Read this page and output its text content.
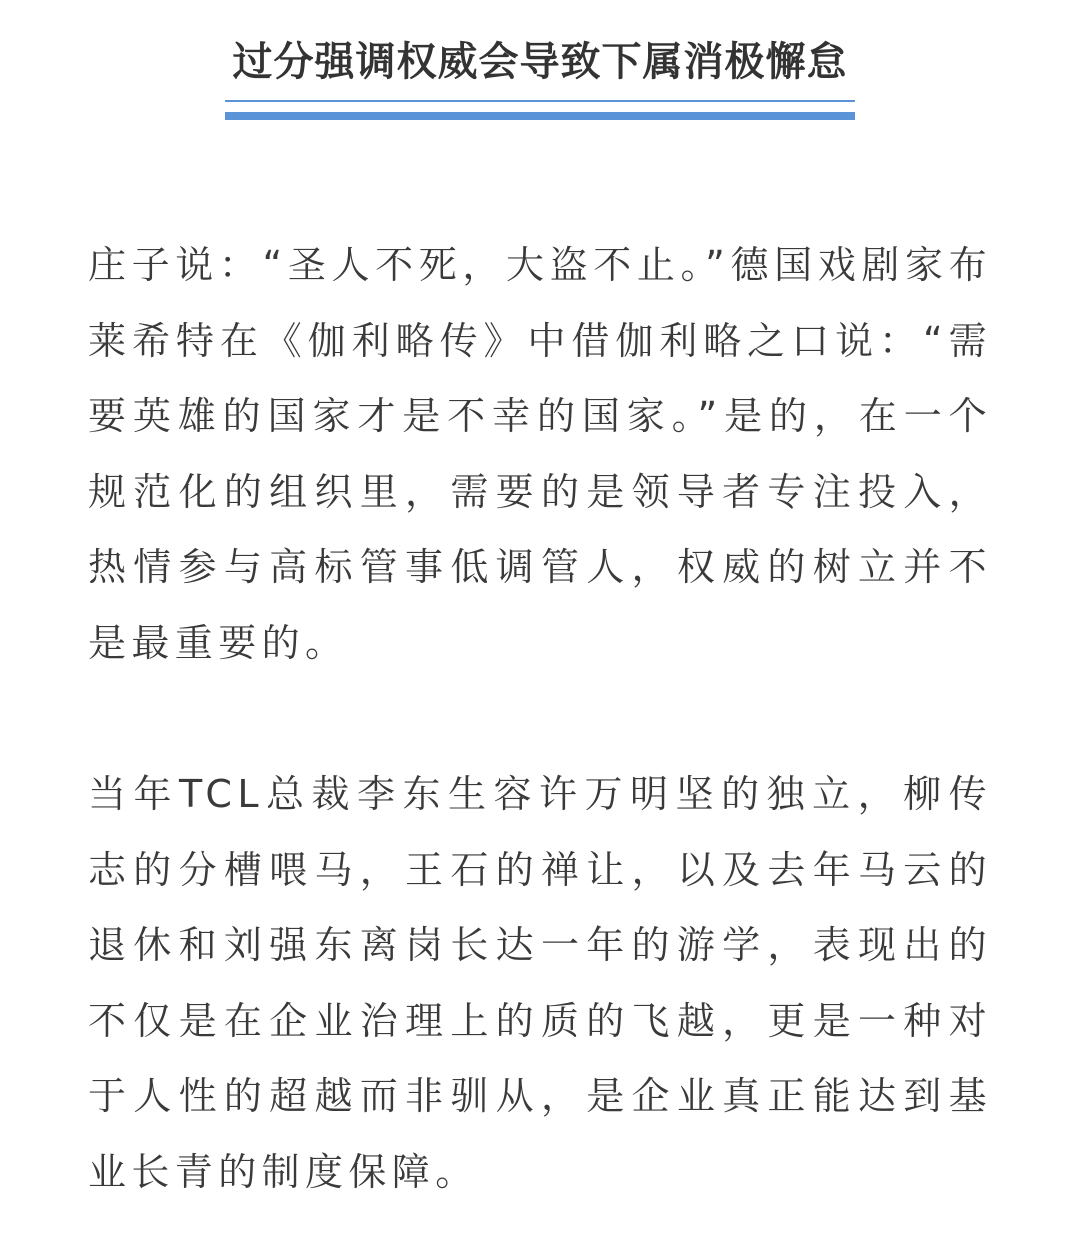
过分强调权威会导致下属消极懈怠

庄子说：“圣人不死，大盗不止。”德国戏剧家布莱希特在《伽利略传》中借伽利略之口说：“需要英雄的国家才是不幸的国家。”是的，在一个规范化的组织里，需要的是领导者专注投入，热情参与高标管事低调管人，权威的树立并不是最重要的。

当年TCL总裁李东生容许万明坚的独立，柳传志的分槽喂马，王石的禅让，以及去年马云的退休和刘强东离岗长达一年的游学，表现出的不仅是在企业治理上的质的飞越，更是一种对于人性的超越而非驯从，是企业真正能达到基业长青的制度保障。
